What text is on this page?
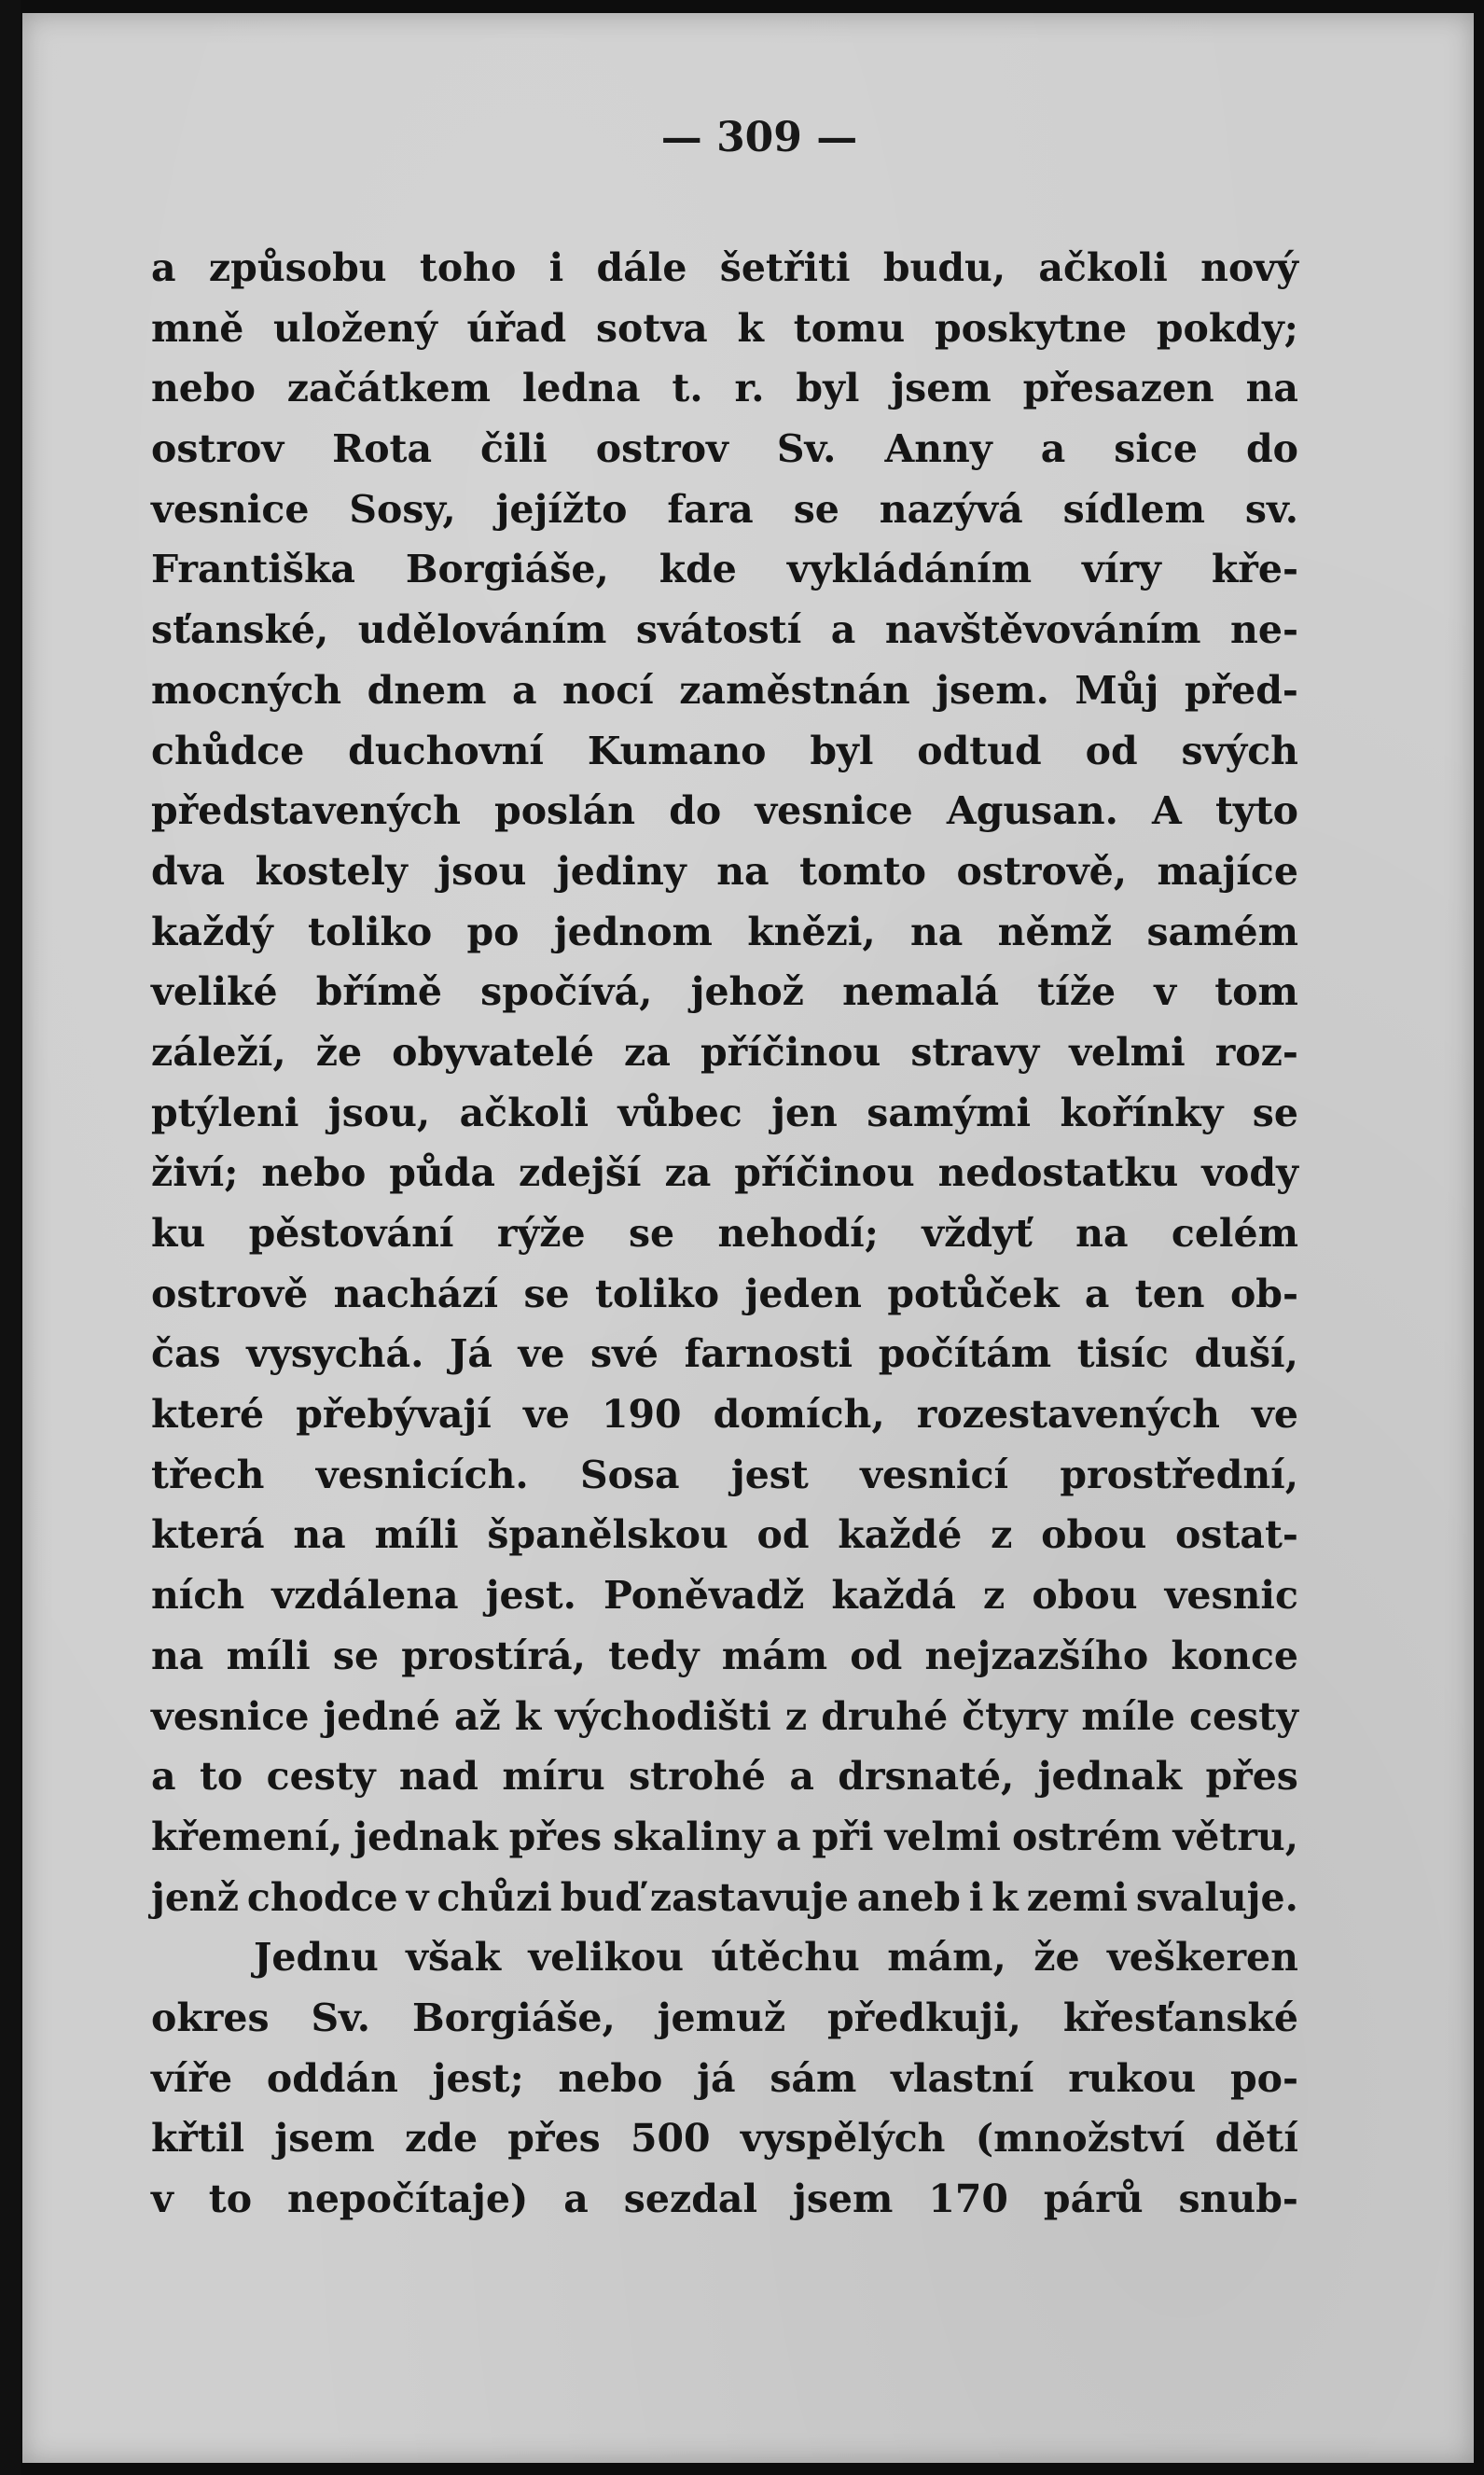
— 309 —
a způsobu toho i dále šetřiti budu, ačkoli nový
mně uložený úřad sotva k tomu poskytne pokdy;
nebo začátkem ledna t. r. byl jsem přesazen na
ostrov Rota čili ostrov Sv. Anny a sice do
vesnice Sosy, jejížto fara se nazývá sídlem sv.
Františka Borgiáše, kde vykládáním víry kře-
sťanské, udělováním svátostí a navštěvováním ne-
mocných dnem a nocí zaměstnán jsem. Můj před-
chůdce duchovní Kumano byl odtud od svých
představených poslán do vesnice Agusan. A tyto
dva kostely jsou jediny na tomto ostrově, majíce
každý toliko po jednom knězi, na němž samém
veliké břímě spočívá, jehož nemalá tíže v tom
záleží, že obyvatelé za příčinou stravy velmi roz-
ptýleni jsou, ačkoli vůbec jen samými kořínky se
živí; nebo půda zdejší za příčinou nedostatku vody
ku pěstování rýže se nehodí; vždyť na celém
ostrově nachází se toliko jeden potůček a ten ob-
čas vysychá. Já ve své farnosti počítám tisíc duší,
které přebývají ve 190 domích, rozestavených ve
třech vesnicích. Sosa jest vesnicí prostřední,
která na míli španělskou od každé z obou ostat-
ních vzdálena jest. Poněvadž každá z obou vesnic
na míli se prostírá, tedy mám od nejzazšího konce
vesnice jedné až k východišti z druhé čtyry míle cesty
a to cesty nad míru strohé a drsnaté, jednak přes
křemení, jednak přes skaliny a při velmi ostrém větru,
jenž chodce v chůzi buď zastavuje aneb i k zemi svaluje.
Jednu však velikou útěchu mám, že veškeren
okres Sv. Borgiáše, jemuž předkuji, křesťanské
víře oddán jest; nebo já sám vlastní rukou po-
křtil jsem zde přes 500 vyspělých (množství dětí
v to nepočítaje) a sezdal jsem 170 párů snub-
